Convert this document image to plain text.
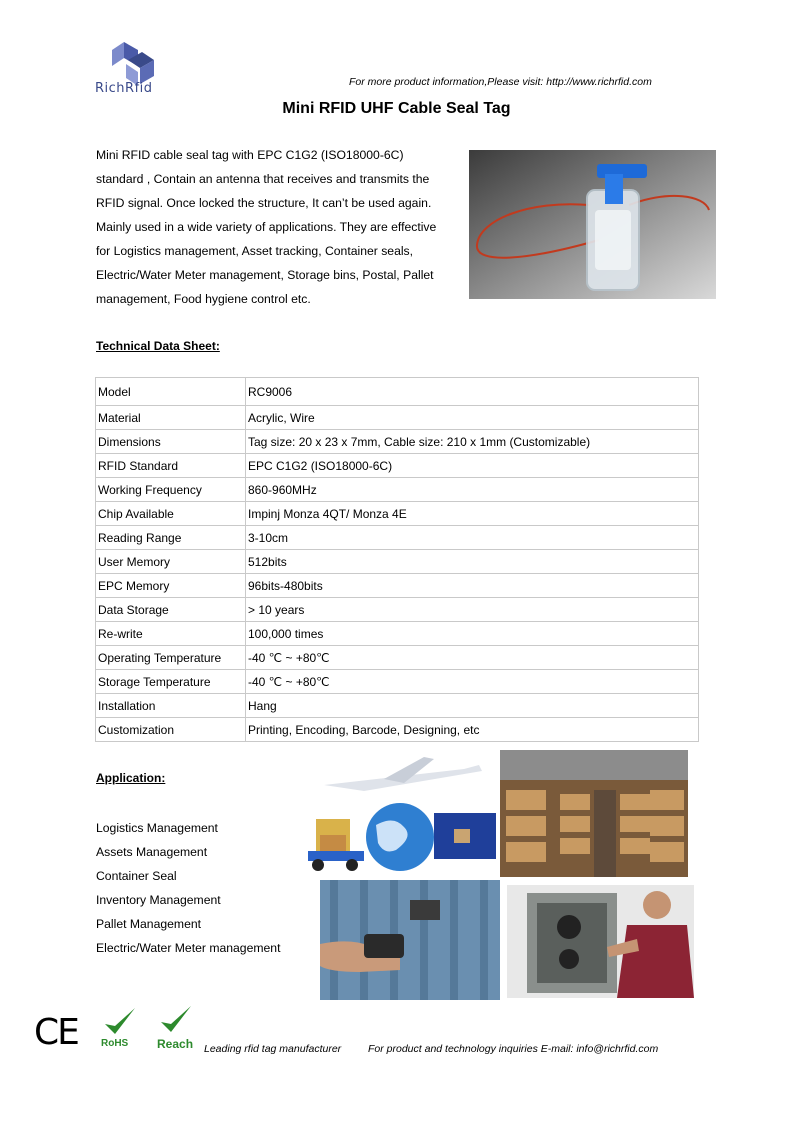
RichRfid	For more product information,Please visit: http://www.richrfid.com
Mini RFID UHF Cable Seal Tag

Mini RFID cable seal tag with EPC C1G2 (ISO18000-6C)

standard , Contain an antenna that receives and transmits the

RFID signal. Once locked the structure, It can’t be used again.

Mainly used in a wide variety of applications. They are effective

for Logistics management, Asset tracking, Container seals,

Electric/Water Meter management, Storage bins, Postal, Pallet

management, Food hygiene control etc.

Technical Data Sheet:
Model	RC9006
Material	Acrylic, Wire
Dimensions	Tag size: 20 x 23 x 7mm, Cable size: 210 x 1mm (Customizable)
RFID Standard	EPC C1G2 (ISO18000-6C)
Working Frequency	860-960MHz
Chip Available	Impinj Monza 4QT/ Monza 4E
Reading Range	3-10cm
User Memory	512bits
EPC Memory	96bits-480bits
Data Storage	> 10 years
Re-write	100,000 times
Operating Temperature	-40 ℃ ~ +80℃
Storage Temperature	-40 ℃ ~ +80℃
Installation	Hang
Customization	Printing, Encoding, Barcode, Designing, etc
Application:
Logistics Management
Assets Management
Container Seal
Inventory Management
Pallet Management
Electric/Water Meter management
CE RoHS Reach Leading rfid tag manufacturer	For product and technology inquiries E-mail: info@richrfid.com
